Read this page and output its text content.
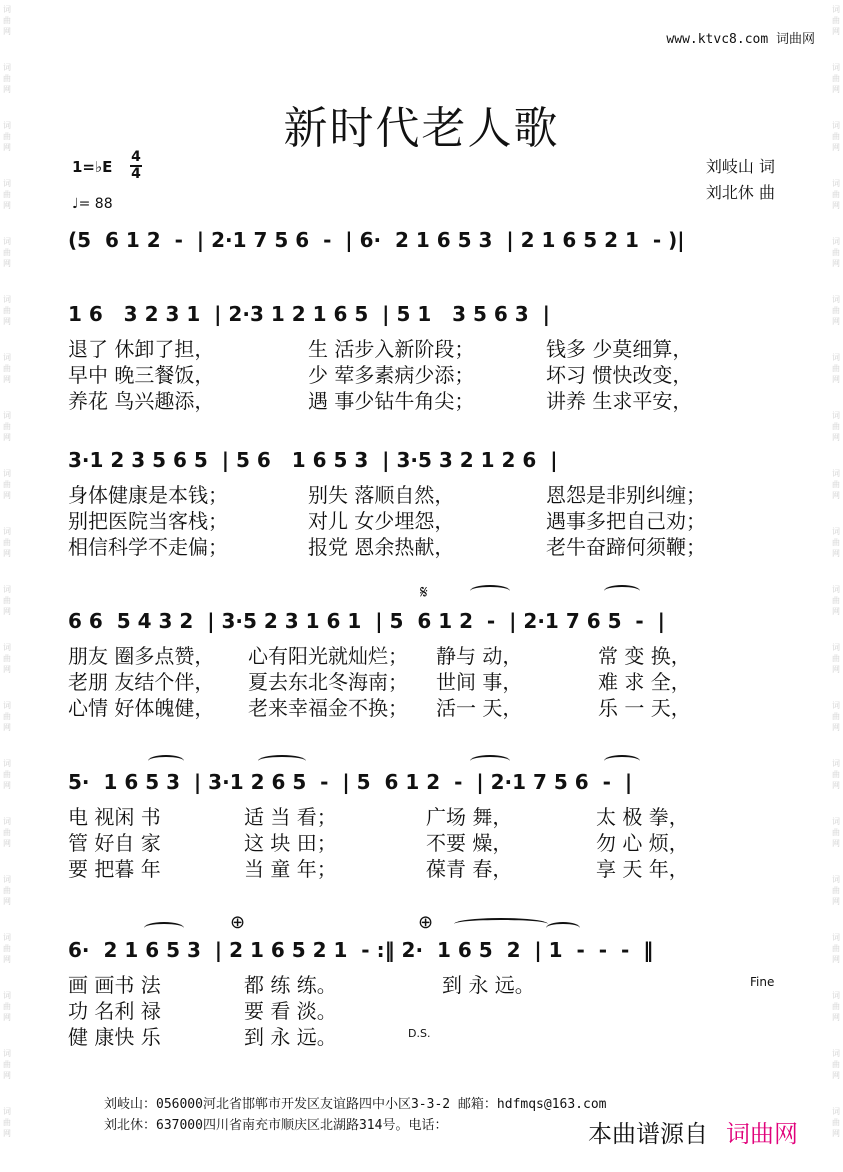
词
曲
网
词
曲
网
词
曲
网
词
曲
网
词
曲
网
词
曲
网
词
曲
网
词
曲
网
词
曲
网
词
曲
网
词
曲
网
词
曲
网
词
曲
网
词
曲
网
词
曲
网
词
曲
网
词
曲
网
词
曲
网
词
曲
网
词
曲
网
词
曲
网
词
曲
网
词
曲
网
词
曲
网
词
曲
网
词
曲
网
词
曲
网
词
曲
网
词
曲
网
词
曲
网
词
曲
网
词
曲
网
词
曲
网
词
曲
网
词
曲
网
词
曲
网
词
曲
网
词
曲
网
词
曲
网
词
曲
网
www.ktvc8.com 词曲网
新时代老人歌
1=♭E
4
4
♩= 88
刘岐山 词
刘北休 曲
(5  6 1 2  -  | 2·1 7 5 6  -  | 6·  2 1 6 5 3  | 2 1 6 5 2 1  - )|
1 6   3 2 3 1  | 2·3 1 2 1 6 5  | 5 1   3 5 6 3  |
退了 休卸了担，	生 活步入新阶段；	钱多 少莫细算，
早中 晚三餐饭，	少 荤多素病少添；	坏习 惯快改变，
养花 鸟兴趣添，	遇 事少钻牛角尖；	讲养 生求平安，
3·1 2 3 5 6 5  | 5 6   1 6 5 3  | 3·5 3 2 1 2 6  |
身体健康是本钱；	别失 落顺自然，	恩怨是非别纠缠；
别把医院当客栈；	对儿 女少埋怨，	遇事多把自己劝；
相信科学不走偏；	报党 恩余热献，	老牛奋蹄何须鞭；
𝄋
6 6  5 4 3 2  | 3·5 2 3 1 6 1  | 5  6 1 2  -  | 2·1 7 6 5  -  |
朋友 圈多点赞， 心有阳光就灿烂； 静与 动，	常 变 换，
老朋 友结个伴， 夏去东北冬海南； 世间 事，	难 求 全，
心情 好体魄健， 老来幸福金不换； 活一 天，	乐 一 天，
5·  1 6 5 3  | 3·1 2 6 5  -  | 5  6 1 2  -  | 2·1 7 5 6  -  |
电 视闲 书	适 当 看；	广场 舞，	太 极 拳，
管 好自 家	这 块 田；	不要 燥，	勿 心 烦，
要 把暮 年	当 童 年；	葆青 春，	享 天 年，
⊕	⊕
6·  2 1 6 5 3  | 2 1 6 5 2 1  - :‖ 2·  1 6 5  2  | 1  -  -  -  ‖
画 画书 法	都 练 练。	到 永 远。
功 名利 禄	要 看 淡。
健 康快 乐	到 永 远。
Fine
D.S.
刘岐山：056000河北省邯郸市开发区友谊路四中小区3-3-2 邮箱：hdfmqs@163.com
刘北休：637000四川省南充市顺庆区北湖路314号。电话：	本曲谱源自 词曲网
